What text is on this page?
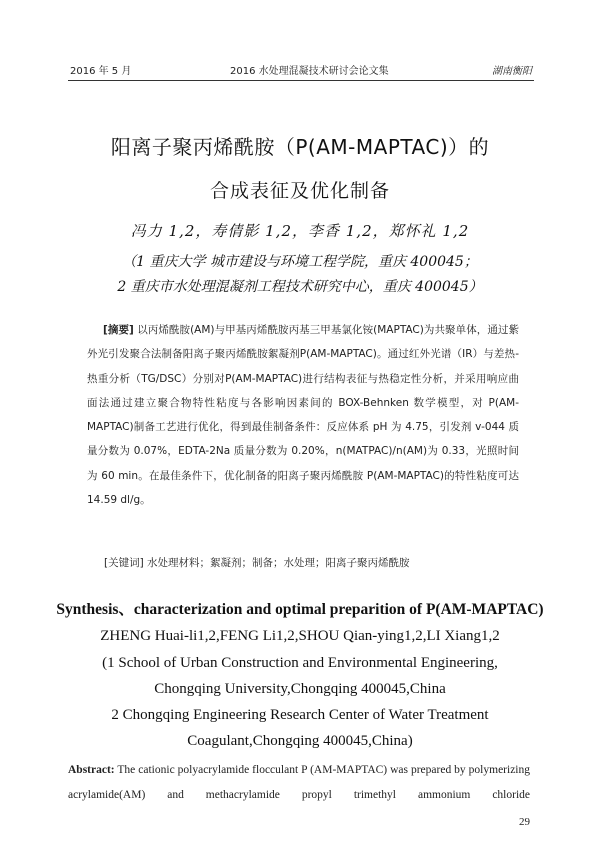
2016 年 5 月	2016 水处理混凝技术研讨会论文集	湖南衡阳
阳离子聚丙烯酰胺（P(AM-MAPTAC)）的
合成表征及优化制备
冯力 1,2，寿倩影 1,2，李香 1,2，郑怀礼 1,2
（1 重庆大学 城市建设与环境工程学院，重庆 400045；
2 重庆市水处理混凝剂工程技术研究中心，重庆 400045）
[摘要] 以丙烯酰胺(AM)与甲基丙烯酰胺丙基三甲基氯化铵(MAPTAC)为共聚单体，通过紫外光引发聚合法制备阳离子聚丙烯酰胺絮凝剂P(AM-MAPTAC)。通过红外光谱（IR）与差热-热重分析（TG/DSC）分别对P(AM-MAPTAC)进行结构表征与热稳定性分析，并采用响应曲面法通过建立聚合物特性粘度与各影响因素间的 BOX-Behnken 数学模型，对 P(AM-MAPTAC)制备工艺进行优化，得到最佳制备条件：反应体系 pH 为 4.75，引发剂 v-044 质量分数为 0.07%，EDTA-2Na 质量分数为 0.20%，n(MATPAC)/n(AM)为 0.33，光照时间为 60 min。在最佳条件下，优化制备的阳离子聚丙烯酰胺 P(AM-MAPTAC)的特性粘度可达 14.59 dl/g。
[关键词] 水处理材料；絮凝剂；制备；水处理；阳离子聚丙烯酰胺
Synthesis、characterization and optimal preparition of P(AM-MAPTAC)
ZHENG Huai-li1,2,FENG Li1,2,SHOU Qian-ying1,2,LI Xiang1,2
(1 School of Urban Construction and Environmental Engineering,
Chongqing University,Chongqing 400045,China
2 Chongqing Engineering Research Center of Water Treatment
Coagulant,Chongqing 400045,China)
Abstract: The cationic polyacrylamide flocculant P (AM-MAPTAC) was prepared by polymerizing acrylamide(AM) and methacrylamide propyl trimethyl ammonium chloride
29
